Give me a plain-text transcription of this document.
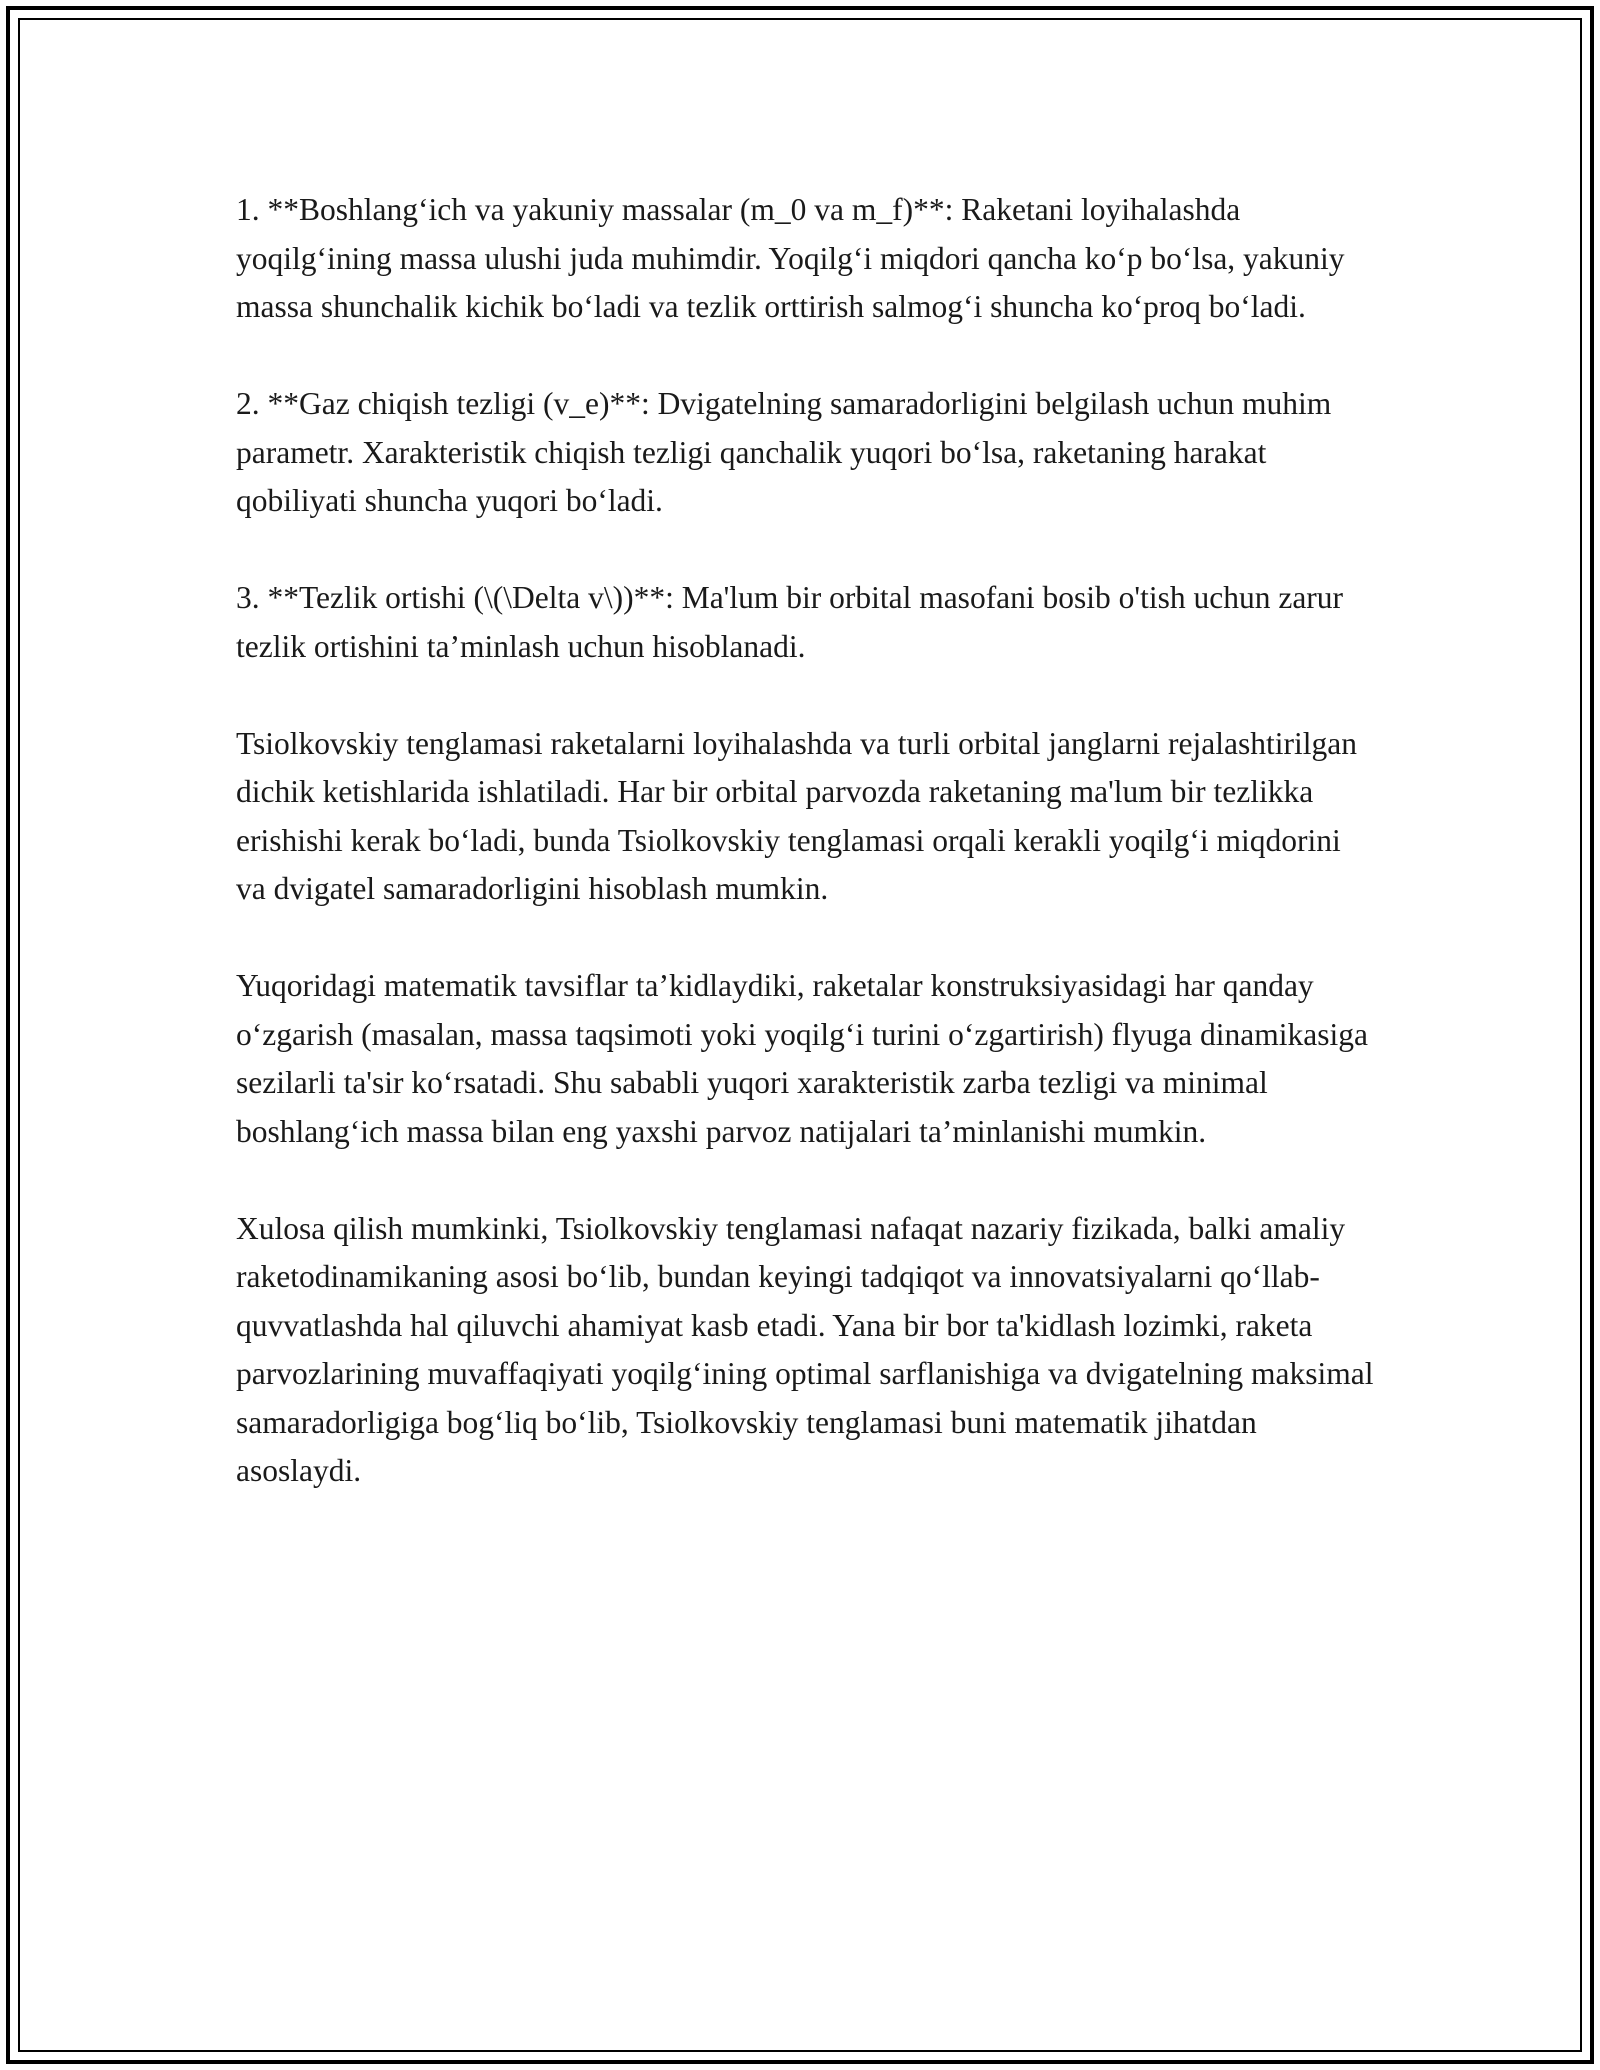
1. **Boshlang‘ich va yakuniy massalar (m_0 va m_f)**: Raketani loyihalashda yoqilg‘ining massa ulushi juda muhimdir. Yoqilg‘i miqdori qancha ko‘p bo‘lsa, yakuniy massa shunchalik kichik bo‘ladi va tezlik orttirish salmog‘i shuncha ko‘proq bo‘ladi.

2. **Gaz chiqish tezligi (v_e)**: Dvigatelning samaradorligini belgilash uchun muhim parametr. Xarakteristik chiqish tezligi qanchalik yuqori bo‘lsa, raketaning harakat qobiliyati shuncha yuqori bo‘ladi.

3. **Tezlik ortishi (\(\Delta v\))**: Ma'lum bir orbital masofani bosib o'tish uchun zarur tezlik ortishini ta’minlash uchun hisoblanadi.

Tsiolkovskiy tenglamasi raketalarni loyihalashda va turli orbital janglarni rejalashtirilgan dichik ketishlarida ishlatiladi. Har bir orbital parvozda raketaning ma'lum bir tezlikka erishishi kerak bo‘ladi, bunda Tsiolkovskiy tenglamasi orqali kerakli yoqilg‘i miqdorini va dvigatel samaradorligini hisoblash mumkin.

Yuqoridagi matematik tavsiflar ta’kidlaydiki, raketalar konstruksiyasidagi har qanday o‘zgarish (masalan, massa taqsimoti yoki yoqilg‘i turini o‘zgartirish) flyuga dinamikasiga sezilarli ta'sir ko‘rsatadi. Shu sababli yuqori xarakteristik zarba tezligi va minimal boshlang‘ich massa bilan eng yaxshi parvoz natijalari ta’minlanishi mumkin.

Xulosa qilish mumkinki, Tsiolkovskiy tenglamasi nafaqat nazariy fizikada, balki amaliy raketodinamikaning asosi bo‘lib, bundan keyingi tadqiqot va innovatsiyalarni qo‘llab-quvvatlashda hal qiluvchi ahamiyat kasb etadi. Yana bir bor ta'kidlash lozimki, raketa parvozlarining muvaffaqiyati yoqilg‘ining optimal sarflanishiga va dvigatelning maksimal samaradorligiga bog‘liq bo‘lib, Tsiolkovskiy tenglamasi buni matematik jihatdan asoslaydi.
